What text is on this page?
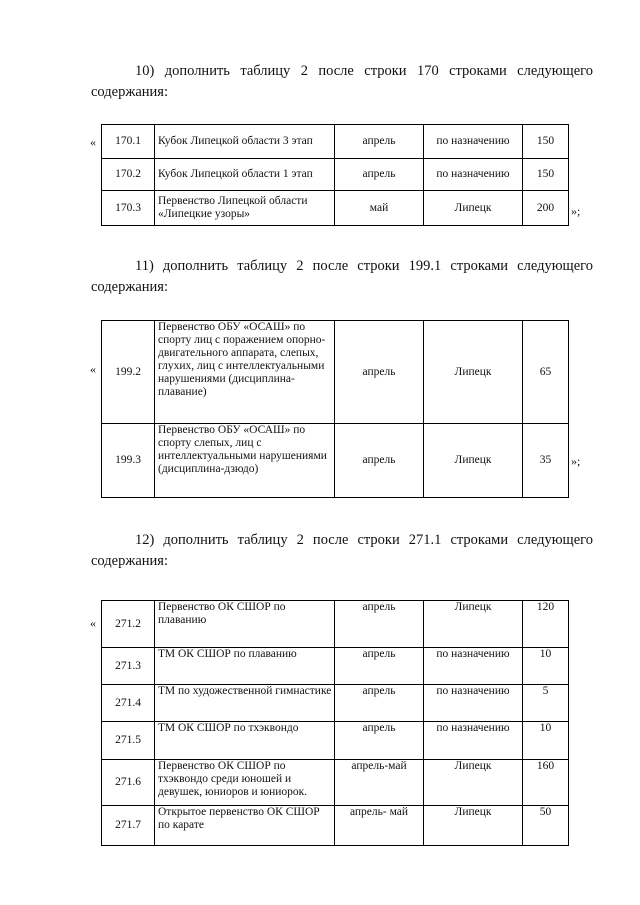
10) дополнить таблицу 2 после строки 170 строками следующего
содержания:
« 170.1	Кубок Липецкой области 3 этап	апрель	по назначению	150
170.2	Кубок Липецкой области 1 этап	апрель	по назначению	150
170.3	Первенство Липецкой области «Липецкие узоры»	май	Липецк	200 »;
11) дополнить таблицу 2 после строки 199.1 строками следующего
содержания:
« 199.2	Первенство ОБУ «ОСАШ» по спорту лиц с поражением опорно-двигательного аппарата, слепых, глухих, лиц с интеллектуальными нарушениями (дисциплина-плавание)	апрель	Липецк	65
199.3	Первенство ОБУ «ОСАШ» по спорту слепых, лиц с интеллектуальными нарушениями (дисциплина-дзюдо)	апрель	Липецк	35 »;
12) дополнить таблицу 2 после строки 271.1 строками следующего
содержания:
« 271.2	Первенство ОК СШОР по плаванию	апрель	Липецк	120
271.3	ТМ ОК СШОР по плаванию	апрель	по назначению	10
271.4	ТМ по художественной гимнастике	апрель	по назначению	5
271.5	ТМ ОК СШОР по тхэквондо	апрель	по назначению	10
271.6	Первенство ОК СШОР по тхэквондо среди юношей и девушек, юниоров и юниорок.	апрель-май	Липецк	160
271.7	Открытое первенство ОК СШОР по карате	апрель- май	Липецк	50
